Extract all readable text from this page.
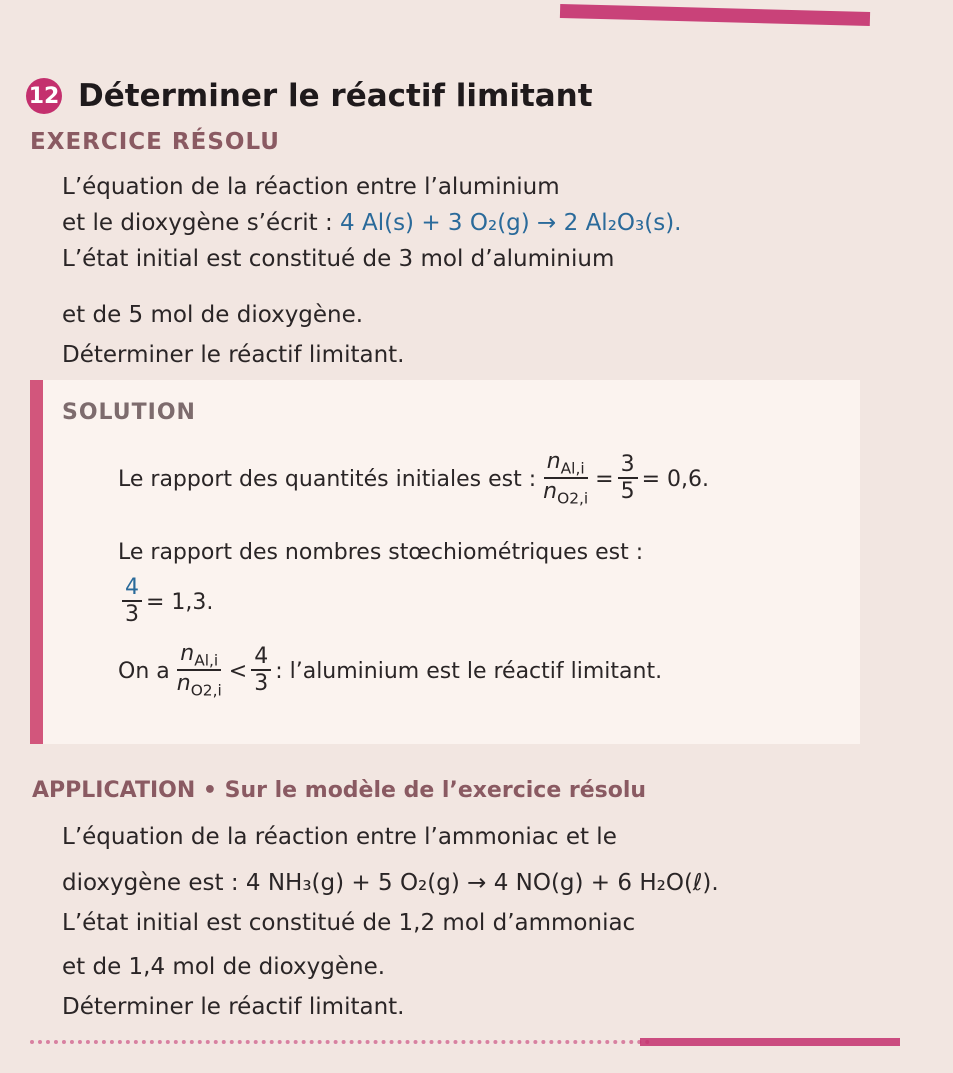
12 Déterminer le réactif limitant
EXERCICE RÉSOLU
L’équation de la réaction entre l’aluminium
et le dioxygène s’écrit : 4 Al(s) + 3 O₂(g) → 2 Al₂O₃(s).
L’état initial est constitué de 3 mol d’aluminium
et de 5 mol de dioxygène.
Déterminer le réactif limitant.
SOLUTION
Le rapport des quantités initiales est : $\frac{n_{Al,i}}{n_{O2,i}} = \frac{3}{5} = 0,6$.
Le rapport des nombres stœchiométriques est :
$\frac{4}{3} = 1,3$.
On a $\frac{n_{Al,i}}{n_{O2,i}} < \frac{4}{3}$ : l’aluminium est le réactif limitant.
APPLICATION • Sur le modèle de l’exercice résolu
L’équation de la réaction entre l’ammoniac et le
dioxygène est : 4 NH₃(g) + 5 O₂(g) → 4 NO(g) + 6 H₂O(ℓ).
L’état initial est constitué de 1,2 mol d’ammoniac
et de 1,4 mol de dioxygène.
Déterminer le réactif limitant.
